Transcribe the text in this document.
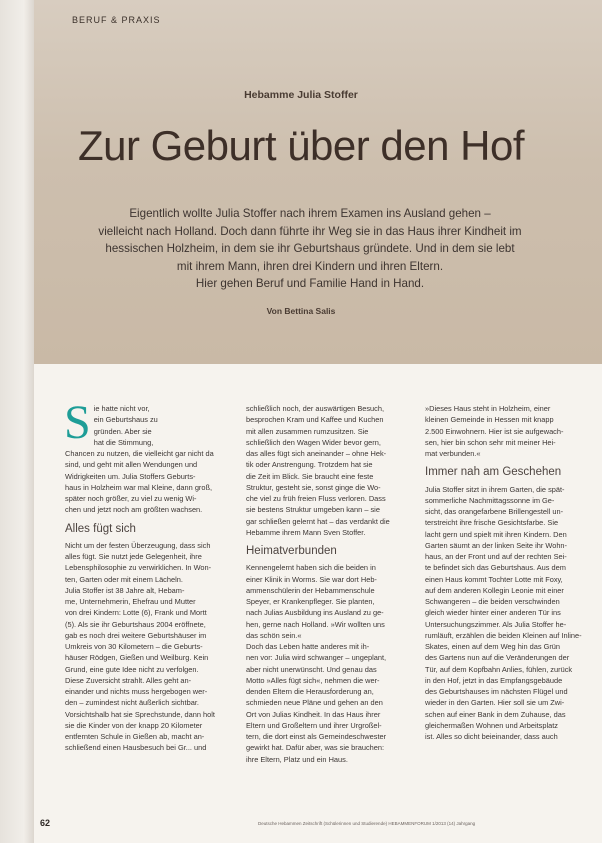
BERUF & PRAXIS
Hebamme Julia Stoffer
Zur Geburt über den Hof
Eigentlich wollte Julia Stoffer nach ihrem Examen ins Ausland gehen –
vielleicht nach Holland. Doch dann führte ihr Weg sie in das Haus ihrer Kindheit im
hessischen Holzheim, in dem sie ihr Geburtshaus gründete. Und in dem sie lebt
mit ihrem Mann, ihren drei Kindern und ihren Eltern.
Hier gehen Beruf und Familie Hand in Hand.
Von Bettina Salis

S ie hatte nicht vor,
ein Geburtshaus zu
gründen. Aber sie
hat die Stimmung,
Chancen zu nutzen, die vielleicht gar nicht da
sind, und geht mit allen Wendungen und
Widrigkeiten um. Julia Stoffers Geburts-
haus in Holzheim war mal Kleine, dann groß,
später noch größer, zu viel zu wenig Wi-
chen und jetzt noch am größten wachsen.

Alles fügt sich

Nicht um der festen Überzeugung, dass sich
alles fügt. Sie nutzt jede Gelegenheit, ihre
Lebensphilosophie zu verwirklichen. In Won-
ten, Garten oder mit einem Lächeln.
Julia Stoffer ist 38 Jahre alt, Hebam-
me, Unternehmerin, Ehefrau und Mutter
von drei Kindern: Lotte (6), Frank und Mortt
(5). Als sie ihr Geburtshaus 2004 eröffnete,
gab es noch drei weitere Geburtshäuser im
Umkreis von 30 Kilometern – die Geburts-
häuser Rödgen, Gießen und Weilburg. Kein
Grund, eine gute Idee nicht zu verfolgen.
Diese Zuversicht strahlt. Alles geht an-
einander und nichts muss hergebogen wer-
den – zumindest nicht äußerlich sichtbar.
Vorsichtshalb hat sie Sprechstunde, dann holt
sie die Kinder von der knapp 20 Kilometer
entfernten Schule in Gießen ab, macht an-
schließend einen Hausbesuch bei Gr... und

schließlich noch, der auswärtigen Besuch,
besprochen Kram und Kaffee und Kuchen
mit allen zusammen rumzusitzen. Sie
schließlich den Wagen Wider bevor gern,
das alles fügt sich aneinander – ohne Hek-
tik oder Anstrengung. Trotzdem hat sie
die Zeit im Blick. Sie braucht eine feste
Struktur, gesteht sie, sonst ginge die Wo-
che viel zu früh freien Fluss verloren. Dass
sie bestens Struktur umgeben kann – sie
gar schließen gelernt hat – das verdankt die
Hebamme ihrem Mann Sven Stoffer.

Heimatverbunden

Kennengelernt haben sich die beiden in
einer Klinik in Worms. Sie war dort Heb-
ammenschülerin der Hebammenschule
Speyer, er Krankenpfleger. Sie planten,
nach Julias Ausbildung ins Ausland zu ge-
hen, gerne nach Holland. »Wir wollten uns
das schön sein.«
Doch das Leben hatte anderes mit ih-
nen vor: Julia wird schwanger – ungeplant,
aber nicht unerwünscht. Und genau das
Motto »Alles fügt sich«, nehmen die wer-
denden Eltern die Herausforderung an,
schmieden neue Pläne und gehen an den
Ort von Julias Kindheit. In das Haus ihrer
Eltern und Großeltern und ihrer Urgroßel-
tern, die dort einst als Gemeindeschwester
gewirkt hat. Dafür aber, was sie brauchen:
ihre Eltern, Platz und ein Haus.

»Dieses Haus steht in Holzheim, einer
kleinen Gemeinde in Hessen mit knapp
2.500 Einwohnern. Hier ist sie aufgewach-
sen, hier bin schon sehr mit meiner Hei-
mat verbunden.«

Immer nah am Geschehen

Julia Stoffer sitzt in ihrem Garten, die spät-
sommerliche Nachmittagssonne im Ge-
sicht, das orangefarbene Brillengestell un-
terstreicht ihre frische Gesichtsfarbe. Sie
lacht gern und spielt mit ihren Kindern. Den
Garten säumt an der linken Seite ihr Wohn-
haus, an der Front und auf der rechten Sei-
te befindet sich das Geburtshaus. Aus dem
einen Haus kommt Tochter Lotte mit Foxy,
auf dem anderen Kollegin Leonie mit einer
Schwangeren – die beiden verschwinden
gleich wieder hinter einer anderen Tür ins
Untersuchungszimmer. Als Julia Stoffer he-
rumläuft, erzählen die beiden Kleinen auf Inline-
Skates, einen auf dem Weg hin das Grün
des Gartens nun auf die Veränderungen der
Tür, auf dem Kopfbahn Anlies, fühlen, zurück
in den Hof, jetzt in das Empfangsgebäude
des Geburtshauses im nächsten Flügel und
wieder in den Garten. Hier soll sie um Zwi-
schen auf einer Bank in dem Zuhause, das
gleichermaßen Wohnen und Arbeitsplatz
ist. Alles so dicht beieinander, dass auch

62	Deutsche Hebammen Zeitschrift (Schülerinnen und Studierende) HEBAMMENFORUM 1/2013 (14) Jahrgang
